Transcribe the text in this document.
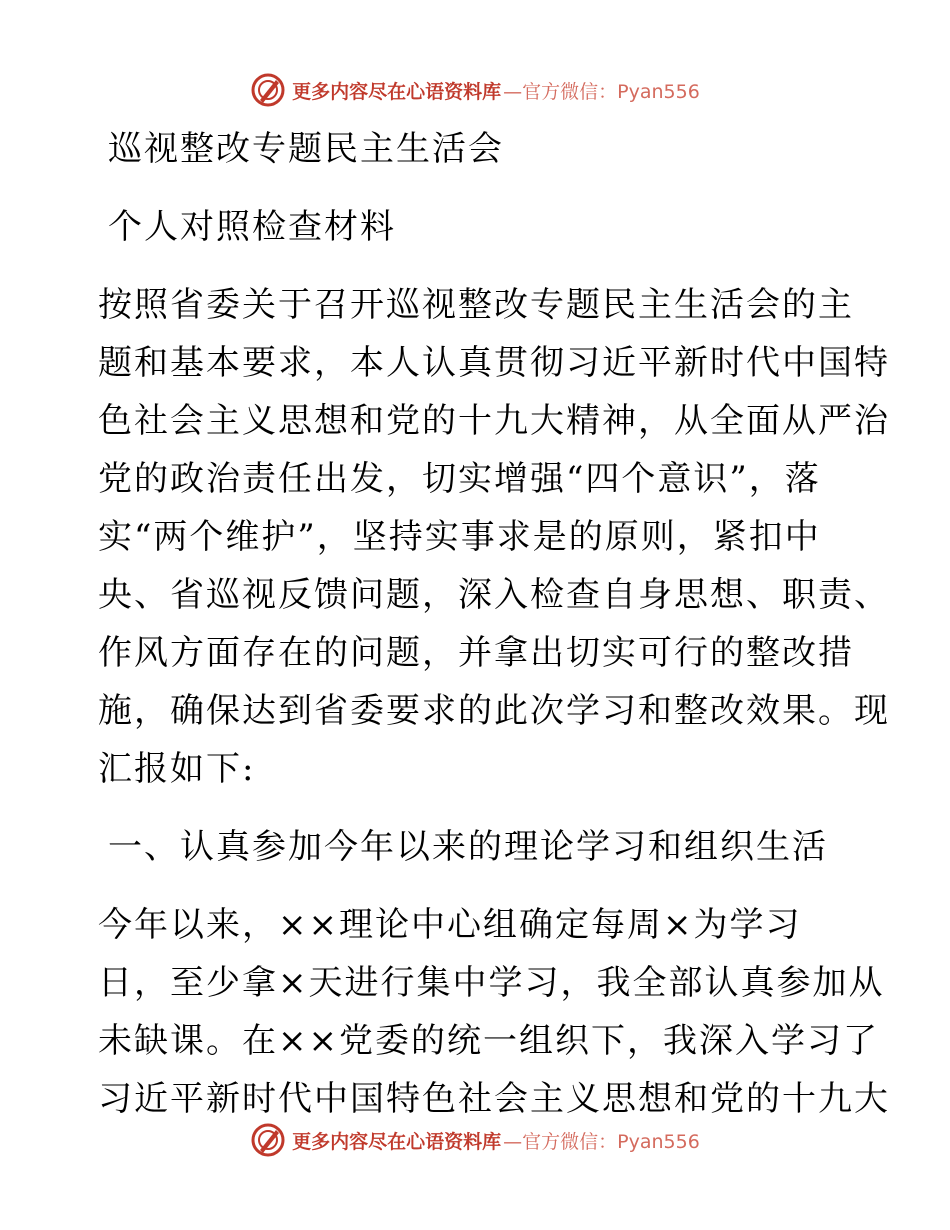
更多内容尽在心语资料库 —官方微信：Pyan556
巡视整改专题民主生活会
个人对照检查材料
按照省委关于召开巡视整改专题民主生活会的主
题和基本要求，本人认真贯彻习近平新时代中国特
色社会主义思想和党的十九大精神，从全面从严治
党的政治责任出发，切实增强“四个意识”，落
实“两个维护”，坚持实事求是的原则，紧扣中
央、省巡视反馈问题，深入检查自身思想、职责、
作风方面存在的问题，并拿出切实可行的整改措
施，确保达到省委要求的此次学习和整改效果。现
汇报如下:
一、认真参加今年以来的理论学习和组织生活
今年以来，××理论中心组确定每周×为学习
日，至少拿×天进行集中学习，我全部认真参加从
未缺课。在××党委的统一组织下，我深入学习了
习近平新时代中国特色社会主义思想和党的十九大
更多内容尽在心语资料库 —官方微信：Pyan556
